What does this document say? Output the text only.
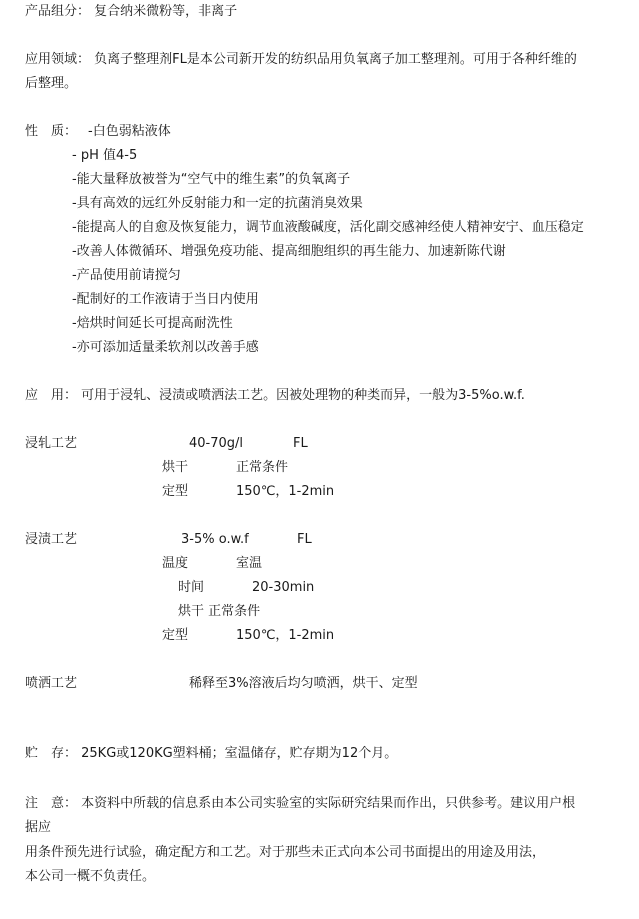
产品组分： 复合纳米微粉等，非离子
应用领域： 负离子整理剂FL是本公司新开发的纺织品用负氧离子加工整理剂。可用于各种纤维的
后整理。
性　质： -白色弱粘液体
- pH 值4-5
-能大量释放被誉为“空气中的维生素”的负氧离子
-具有高效的远红外反射能力和一定的抗菌消臭效果
-能提高人的自愈及恢复能力，调节血液酸碱度，活化副交感神经使人精神安宁、血压稳定
-改善人体微循环、增强免疫功能、提高细胞组织的再生能力、加速新陈代谢
-产品使用前请搅匀
-配制好的工作液请于当日内使用
-焙烘时间延长可提高耐洗性
-亦可添加适量柔软剂以改善手感
应　用： 可用于浸轧、浸渍或喷洒法工艺。因被处理物的种类而异，一般为3-5%o.w.f.
浸轧工艺	40-70g/l	FL
烘干	正常条件
定型	150℃，1-2min
浸渍工艺	3-5% o.w.f	FL
温度	室温
时间	20-30min
烘干 正常条件
定型	150℃，1-2min
喷洒工艺	稀释至3%溶液后均匀喷洒，烘干、定型
贮　存： 25KG或120KG塑料桶；室温储存，贮存期为12个月。
注　意： 本资料中所载的信息系由本公司实验室的实际研究结果而作出，只供参考。建议用户根
据应
用条件预先进行试验，确定配方和工艺。对于那些未正式向本公司书面提出的用途及用法，
本公司一概不负责任。
